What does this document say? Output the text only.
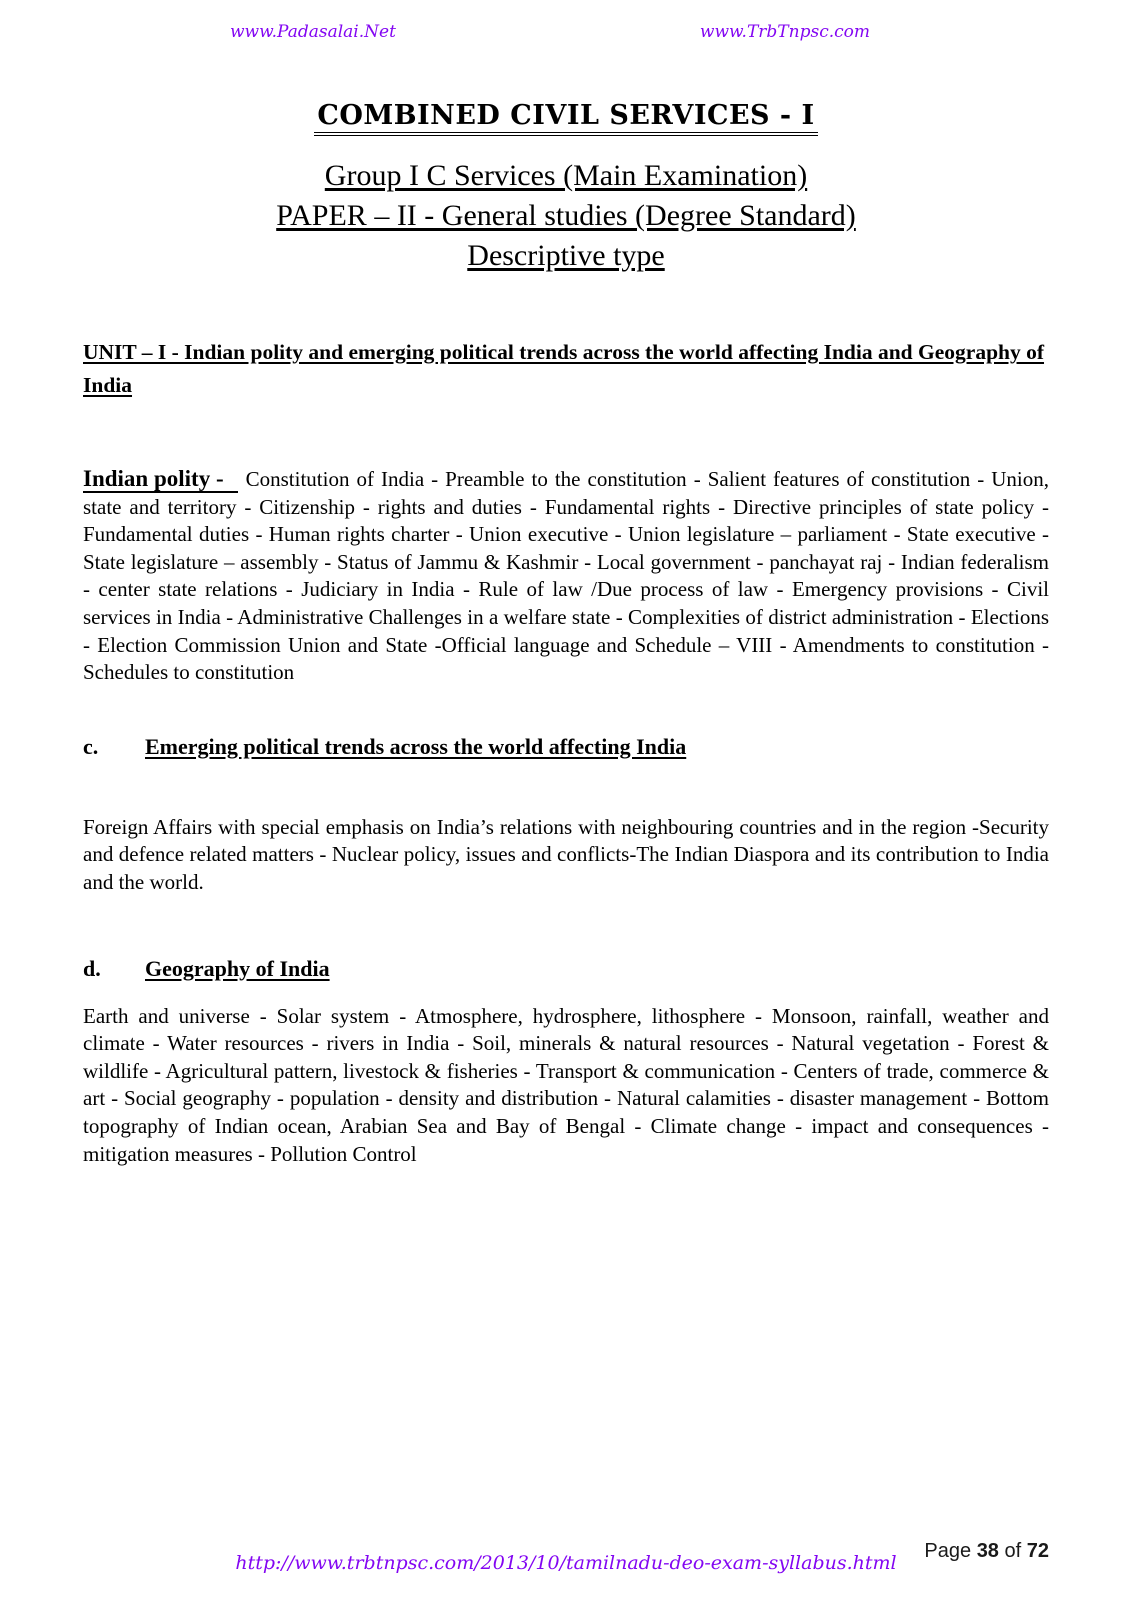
www.Padasalai.Net	www.TrbTnpsc.com
COMBINED CIVIL SERVICES - I
Group I C Services (Main Examination)
PAPER – II - General studies (Degree Standard)
Descriptive type
UNIT – I - Indian polity and emerging political trends across the world affecting India and Geography of India

Indian polity - Constitution of India - Preamble to the constitution - Salient features of constitution - Union, state and territory - Citizenship - rights and duties - Fundamental rights - Directive principles of state policy - Fundamental duties - Human rights charter - Union executive - Union legislature – parliament - State executive - State legislature – assembly - Status of Jammu & Kashmir - Local government - panchayat raj - Indian federalism - center state relations - Judiciary in India - Rule of law /Due process of law - Emergency provisions - Civil services in India - Administrative Challenges in a welfare state - Complexities of district administration - Elections - Election Commission Union and State -Official language and Schedule – VIII - Amendments to constitution - Schedules to constitution

c.	Emerging political trends across the world affecting India

Foreign Affairs with special emphasis on India’s relations with neighbouring countries and in the region -Security and defence related matters - Nuclear policy, issues and conflicts-The Indian Diaspora and its contribution to India and the world.

d.	Geography of India

Earth and universe - Solar system - Atmosphere, hydrosphere, lithosphere - Monsoon, rainfall, weather and climate - Water resources - rivers in India - Soil, minerals & natural resources - Natural vegetation - Forest & wildlife - Agricultural pattern, livestock & fisheries - Transport & communication - Centers of trade, commerce & art - Social geography - population - density and distribution - Natural calamities - disaster management - Bottom topography of Indian ocean, Arabian Sea and Bay of Bengal - Climate change - impact and consequences - mitigation measures - Pollution Control

http://www.trbtnpsc.com/2013/10/tamilnadu-deo-exam-syllabus.html
Page 38 of 72
